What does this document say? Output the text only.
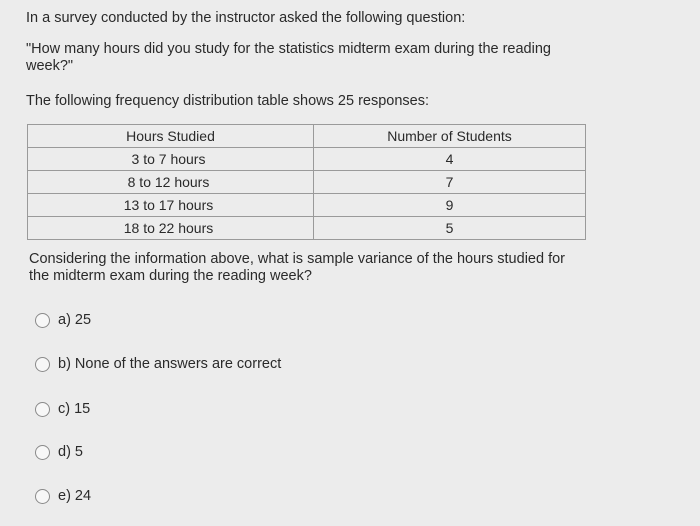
In a survey conducted by the instructor asked the following question:
"How many hours did you study for the statistics midterm exam during the reading
week?"
The following frequency distribution table shows 25 responses:
Hours Studied	Number of Students
3 to 7 hours	4
8 to 12 hours	7
13 to 17 hours	9
18 to 22 hours	5
Considering the information above, what is sample variance of the hours studied for
the midterm exam during the reading week?
a) 25
b) None of the answers are correct
c) 15
d) 5
e) 24
